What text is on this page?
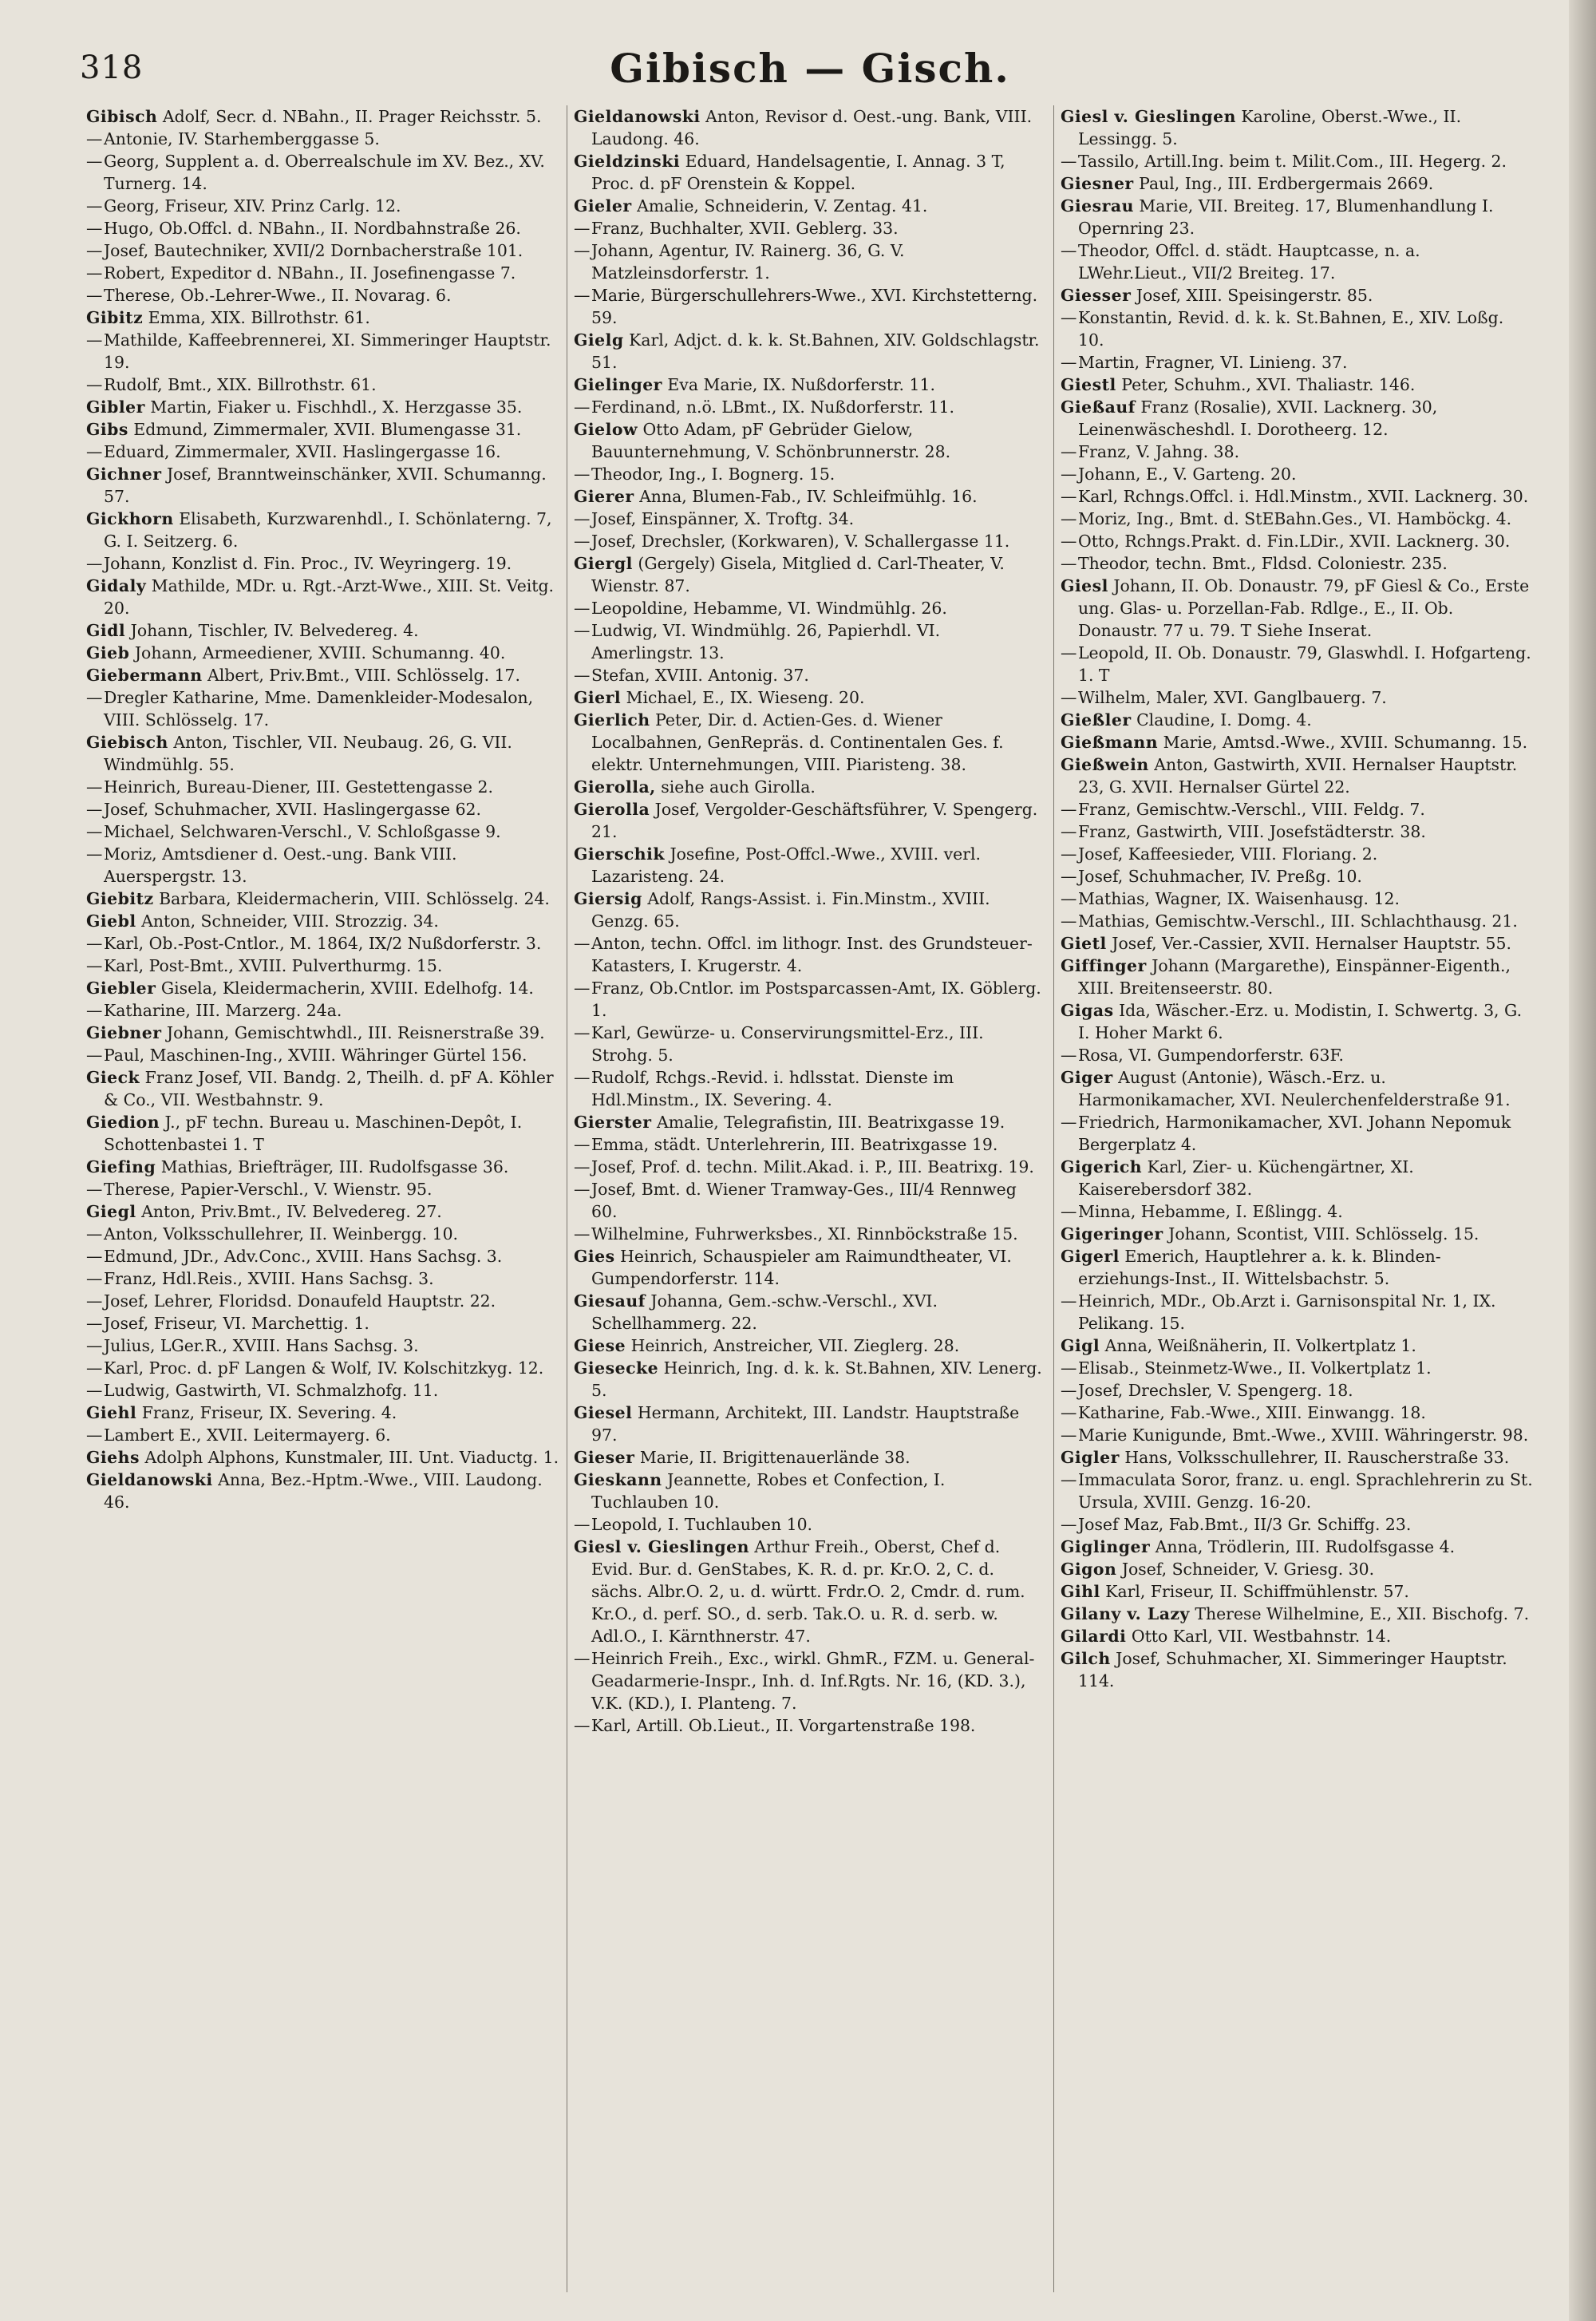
318	Gibisch — Gisch.

Gibisch Adolf, Secr. d. NBahn., II. Prager Reichsstr. 5.

—Antonie, IV. Starhemberggasse 5.

—Georg, Supplent a. d. Oberrealschule im XV. Bez., XV. Turnerg. 14.

—Georg, Friseur, XIV. Prinz Carlg. 12.

—Hugo, Ob.Offcl. d. NBahn., II. Nordbahnstraße 26.

—Josef, Bautechniker, XVII/2 Dornbacherstraße 101.

—Robert, Expeditor d. NBahn., II. Josefinengasse 7.

—Therese, Ob.-Lehrer-Wwe., II. Novarag. 6.

Gibitz Emma, XIX. Billrothstr. 61.

—Mathilde, Kaffeebrennerei, XI. Simmeringer Hauptstr. 19.

—Rudolf, Bmt., XIX. Billrothstr. 61.

Gibler Martin, Fiaker u. Fischhdl., X. Herzgasse 35.

Gibs Edmund, Zimmermaler, XVII. Blumengasse 31.

—Eduard, Zimmermaler, XVII. Haslingergasse 16.

Gichner Josef, Branntweinschänker, XVII. Schumanng. 57.

Gickhorn Elisabeth, Kurzwarenhdl., I. Schönlaterng. 7, G. I. Seitzerg. 6.

—Johann, Konzlist d. Fin. Proc., IV. Weyringerg. 19.

Gidaly Mathilde, MDr. u. Rgt.-Arzt-Wwe., XIII. St. Veitg. 20.

Gidl Johann, Tischler, IV. Belvedereg. 4.

Gieb Johann, Armeediener, XVIII. Schumanng. 40.

Giebermann Albert, Priv.Bmt., VIII. Schlösselg. 17.

—Dregler Katharine, Mme. Damenkleider-Modesalon, VIII. Schlösselg. 17.

Giebisch Anton, Tischler, VII. Neubaug. 26, G. VII. Windmühlg. 55.

—Heinrich, Bureau-Diener, III. Gestettengasse 2.

—Josef, Schuhmacher, XVII. Haslingergasse 62.

—Michael, Selchwaren-Verschl., V. Schloßgasse 9.

—Moriz, Amtsdiener d. Oest.-ung. Bank VIII. Auerspergstr. 13.

Giebitz Barbara, Kleidermacherin, VIII. Schlösselg. 24.

Giebl Anton, Schneider, VIII. Strozzig. 34.

—Karl, Ob.-Post-Cntlor., M. 1864, IX/2 Nußdorferstr. 3.

—Karl, Post-Bmt., XVIII. Pulverthurmg. 15.

Giebler Gisela, Kleidermacherin, XVIII. Edelhofg. 14.

—Katharine, III. Marzerg. 24a.

Giebner Johann, Gemischtwhdl., III. Reisnerstraße 39.

—Paul, Maschinen-Ing., XVIII. Währinger Gürtel 156.

Gieck Franz Josef, VII. Bandg. 2, Theilh. d. pF A. Köhler & Co., VII. Westbahnstr. 9.

Giedion J., pF techn. Bureau u. Maschinen-Depôt, I. Schottenbastei 1. T

Giefing Mathias, Briefträger, III. Rudolfsgasse 36.

—Therese, Papier-Verschl., V. Wienstr. 95.

Giegl Anton, Priv.Bmt., IV. Belvedereg. 27.

—Anton, Volksschullehrer, II. Weinbergg. 10.

—Edmund, JDr., Adv.Conc., XVIII. Hans Sachsg. 3.

—Franz, Hdl.Reis., XVIII. Hans Sachsg. 3.

—Josef, Lehrer, Floridsd. Donaufeld Hauptstr. 22.

—Josef, Friseur, VI. Marchettig. 1.

—Julius, LGer.R., XVIII. Hans Sachsg. 3.

—Karl, Proc. d. pF Langen & Wolf, IV. Kolschitzkyg. 12.

—Ludwig, Gastwirth, VI. Schmalzhofg. 11.

Giehl Franz, Friseur, IX. Severing. 4.

—Lambert E., XVII. Leitermayerg. 6.

Giehs Adolph Alphons, Kunstmaler, III. Unt. Viaductg. 1.

Gieldanowski Anna, Bez.-Hptm.-Wwe., VIII. Laudong. 46.

Gieldanowski Anton, Revisor d. Oest.-ung. Bank, VIII. Laudong. 46.

Gieldzinski Eduard, Handelsagentie, I. Annag. 3 T, Proc. d. pF Orenstein & Koppel.

Gieler Amalie, Schneiderin, V. Zentag. 41.

—Franz, Buchhalter, XVII. Geblerg. 33.

—Johann, Agentur, IV. Rainerg. 36, G. V. Matzleinsdorferstr. 1.

—Marie, Bürgerschullehrers-Wwe., XVI. Kirchstetterng. 59.

Gielg Karl, Adjct. d. k. k. St.Bahnen, XIV. Goldschlagstr. 51.

Gielinger Eva Marie, IX. Nußdorferstr. 11.

—Ferdinand, n.ö. LBmt., IX. Nußdorferstr. 11.

Gielow Otto Adam, pF Gebrüder Gielow, Bauunternehmung, V. Schönbrunnerstr. 28.

—Theodor, Ing., I. Bognerg. 15.

Gierer Anna, Blumen-Fab., IV. Schleifmühlg. 16.

—Josef, Einspänner, X. Troftg. 34.

—Josef, Drechsler, (Korkwaren), V. Schallergasse 11.

Giergl (Gergely) Gisela, Mitglied d. Carl-Theater, V. Wienstr. 87.

—Leopoldine, Hebamme, VI. Windmühlg. 26.

—Ludwig, VI. Windmühlg. 26, Papierhdl. VI. Amerlingstr. 13.

—Stefan, XVIII. Antonig. 37.

Gierl Michael, E., IX. Wieseng. 20.

Gierlich Peter, Dir. d. Actien-Ges. d. Wiener Localbahnen, GenRepräs. d. Continentalen Ges. f. elektr. Unternehmungen, VIII. Piaristeng. 38.

Gierolla, siehe auch Girolla.

Gierolla Josef, Vergolder-Geschäftsführer, V. Spengerg. 21.

Gierschik Josefine, Post-Offcl.-Wwe., XVIII. verl. Lazaristeng. 24.

Giersig Adolf, Rangs-Assist. i. Fin.Minstm., XVIII. Genzg. 65.

—Anton, techn. Offcl. im lithogr. Inst. des Grundsteuer-Katasters, I. Krugerstr. 4.

—Franz, Ob.Cntlor. im Postsparcassen-Amt, IX. Göblerg. 1.

—Karl, Gewürze- u. Conservirungsmittel-Erz., III. Strohg. 5.

—Rudolf, Rchgs.-Revid. i. hdlsstat. Dienste im Hdl.Minstm., IX. Severing. 4.

Gierster Amalie, Telegrafistin, III. Beatrixgasse 19.

—Emma, städt. Unterlehrerin, III. Beatrixgasse 19.

—Josef, Prof. d. techn. Milit.Akad. i. P., III. Beatrixg. 19.

—Josef, Bmt. d. Wiener Tramway-Ges., III/4 Rennweg 60.

—Wilhelmine, Fuhrwerksbes., XI. Rinnböckstraße 15.

Gies Heinrich, Schauspieler am Raimundtheater, VI. Gumpendorferstr. 114.

Giesauf Johanna, Gem.-schw.-Verschl., XVI. Schellhammerg. 22.

Giese Heinrich, Anstreicher, VII. Zieglerg. 28.

Giesecke Heinrich, Ing. d. k. k. St.Bahnen, XIV. Lenerg. 5.

Giesel Hermann, Architekt, III. Landstr. Hauptstraße 97.

Gieser Marie, II. Brigittenauerlände 38.

Gieskann Jeannette, Robes et Confection, I. Tuchlauben 10.

—Leopold, I. Tuchlauben 10.

Giesl v. Gieslingen Arthur Freih., Oberst, Chef d. Evid. Bur. d. GenStabes, K. R. d. pr. Kr.O. 2, C. d. sächs. Albr.O. 2, u. d. württ. Frdr.O. 2, Cmdr. d. rum. Kr.O., d. perf. SO., d. serb. Tak.O. u. R. d. serb. w. Adl.O., I. Kärnthnerstr. 47.

—Heinrich Freih., Exc., wirkl. GhmR., FZM. u. General-Geadarmerie-Inspr., Inh. d. Inf.Rgts. Nr. 16, (KD. 3.), V.K. (KD.), I. Planteng. 7.

—Karl, Artill. Ob.Lieut., II. Vorgartenstraße 198.

Giesl v. Gieslingen Karoline, Oberst.-Wwe., II. Lessingg. 5.

—Tassilo, Artill.Ing. beim t. Milit.Com., III. Hegerg. 2.

Giesner Paul, Ing., III. Erdbergermais 2669.

Giesrau Marie, VII. Breiteg. 17, Blumenhandlung I. Opernring 23.

—Theodor, Offcl. d. städt. Hauptcasse, n. a. LWehr.Lieut., VII/2 Breiteg. 17.

Giesser Josef, XIII. Speisingerstr. 85.

—Konstantin, Revid. d. k. k. St.Bahnen, E., XIV. Loßg. 10.

—Martin, Fragner, VI. Linieng. 37.

Giestl Peter, Schuhm., XVI. Thaliastr. 146.

Gießauf Franz (Rosalie), XVII. Lacknerg. 30, Leinenwäscheshdl. I. Dorotheerg. 12.

—Franz, V. Jahng. 38.

—Johann, E., V. Garteng. 20.

—Karl, Rchngs.Offcl. i. Hdl.Minstm., XVII. Lacknerg. 30.

—Moriz, Ing., Bmt. d. StEBahn.Ges., VI. Hamböckg. 4.

—Otto, Rchngs.Prakt. d. Fin.LDir., XVII. Lacknerg. 30.

—Theodor, techn. Bmt., Fldsd. Coloniestr. 235.

Giesl Johann, II. Ob. Donaustr. 79, pF Giesl & Co., Erste ung. Glas- u. Porzellan-Fab. Rdlge., E., II. Ob. Donaustr. 77 u. 79. T Siehe Inserat.

—Leopold, II. Ob. Donaustr. 79, Glaswhdl. I. Hofgarteng. 1. T

—Wilhelm, Maler, XVI. Ganglbauerg. 7.

Gießler Claudine, I. Domg. 4.

Gießmann Marie, Amtsd.-Wwe., XVIII. Schumanng. 15.

Gießwein Anton, Gastwirth, XVII. Hernalser Hauptstr. 23, G. XVII. Hernalser Gürtel 22.

—Franz, Gemischtw.-Verschl., VIII. Feldg. 7.

—Franz, Gastwirth, VIII. Josefstädterstr. 38.

—Josef, Kaffeesieder, VIII. Floriang. 2.

—Josef, Schuhmacher, IV. Preßg. 10.

—Mathias, Wagner, IX. Waisenhausg. 12.

—Mathias, Gemischtw.-Verschl., III. Schlachthausg. 21.

Gietl Josef, Ver.-Cassier, XVII. Hernalser Hauptstr. 55.

Giffinger Johann (Margarethe), Einspänner-Eigenth., XIII. Breitenseerstr. 80.

Gigas Ida, Wäscher.-Erz. u. Modistin, I. Schwertg. 3, G. I. Hoher Markt 6.

—Rosa, VI. Gumpendorferstr. 63F.

Giger August (Antonie), Wäsch.-Erz. u. Harmonikamacher, XVI. Neulerchenfelderstraße 91.

—Friedrich, Harmonikamacher, XVI. Johann Nepomuk Bergerplatz 4.

Gigerich Karl, Zier- u. Küchengärtner, XI. Kaiserebersdorf 382.

—Minna, Hebamme, I. Eßlingg. 4.

Gigeringer Johann, Scontist, VIII. Schlösselg. 15.

Gigerl Emerich, Hauptlehrer a. k. k. Blinden-erziehungs-Inst., II. Wittelsbachstr. 5.

—Heinrich, MDr., Ob.Arzt i. Garnisonspital Nr. 1, IX. Pelikang. 15.

Gigl Anna, Weißnäherin, II. Volkertplatz 1.

—Elisab., Steinmetz-Wwe., II. Volkertplatz 1.

—Josef, Drechsler, V. Spengerg. 18.

—Katharine, Fab.-Wwe., XIII. Einwangg. 18.

—Marie Kunigunde, Bmt.-Wwe., XVIII. Währingerstr. 98.

Gigler Hans, Volksschullehrer, II. Rauscherstraße 33.

—Immaculata Soror, franz. u. engl. Sprachlehrerin zu St. Ursula, XVIII. Genzg. 16-20.

—Josef Maz, Fab.Bmt., II/3 Gr. Schiffg. 23.

Giglinger Anna, Trödlerin, III. Rudolfsgasse 4.

Gigon Josef, Schneider, V. Griesg. 30.

Gihl Karl, Friseur, II. Schiffmühlenstr. 57.

Gilany v. Lazy Therese Wilhelmine, E., XII. Bischofg. 7.

Gilardi Otto Karl, VII. Westbahnstr. 14.

Gilch Josef, Schuhmacher, XI. Simmeringer Hauptstr. 114.
